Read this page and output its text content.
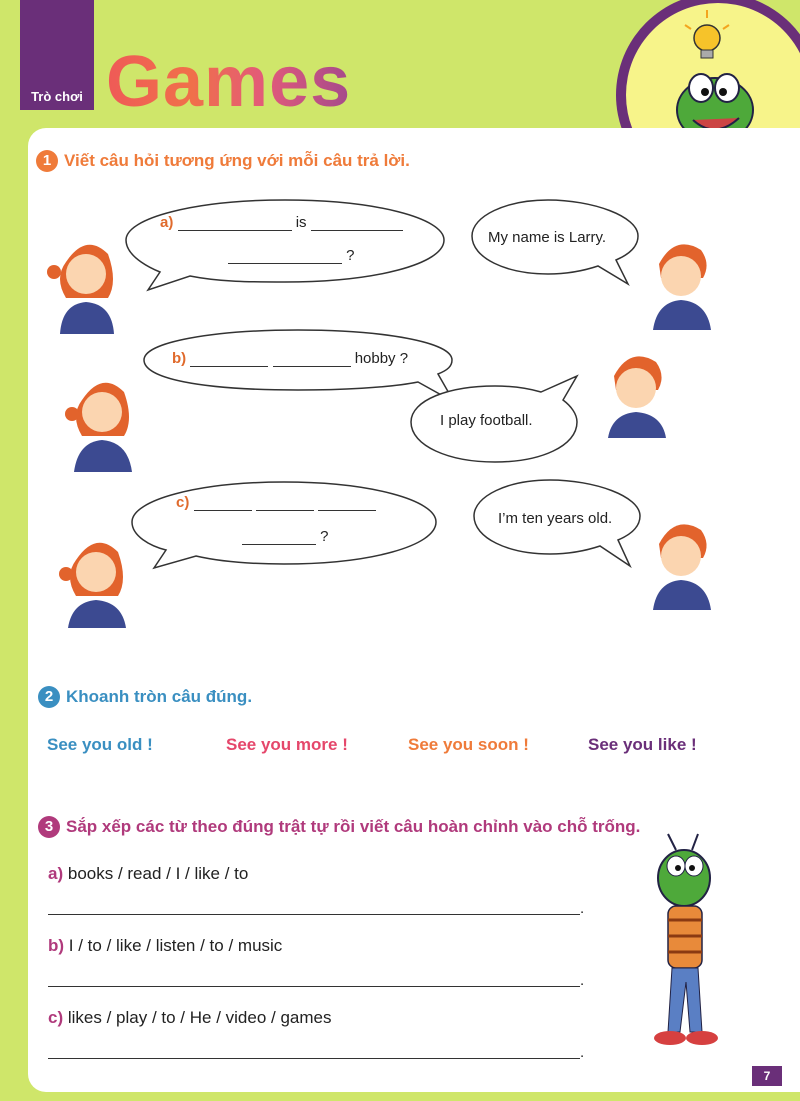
Trò chơi Games
1 Viết câu hỏi tương ứng với mỗi câu trả lời.
a)	is
?
My name is Larry.
b)	hobby ?
I play football.
c)
?
I’m ten years old.
2 Khoanh tròn câu đúng.
See you old !	See you more !	See you soon !	See you like !
3 Sắp xếp các từ theo đúng trật tự rồi viết câu hoàn chỉnh vào chỗ trống.
a) books / read / I / like / to
.
b) I / to / like / listen / to / music
.
c) likes / play / to / He / video / games
.
7
